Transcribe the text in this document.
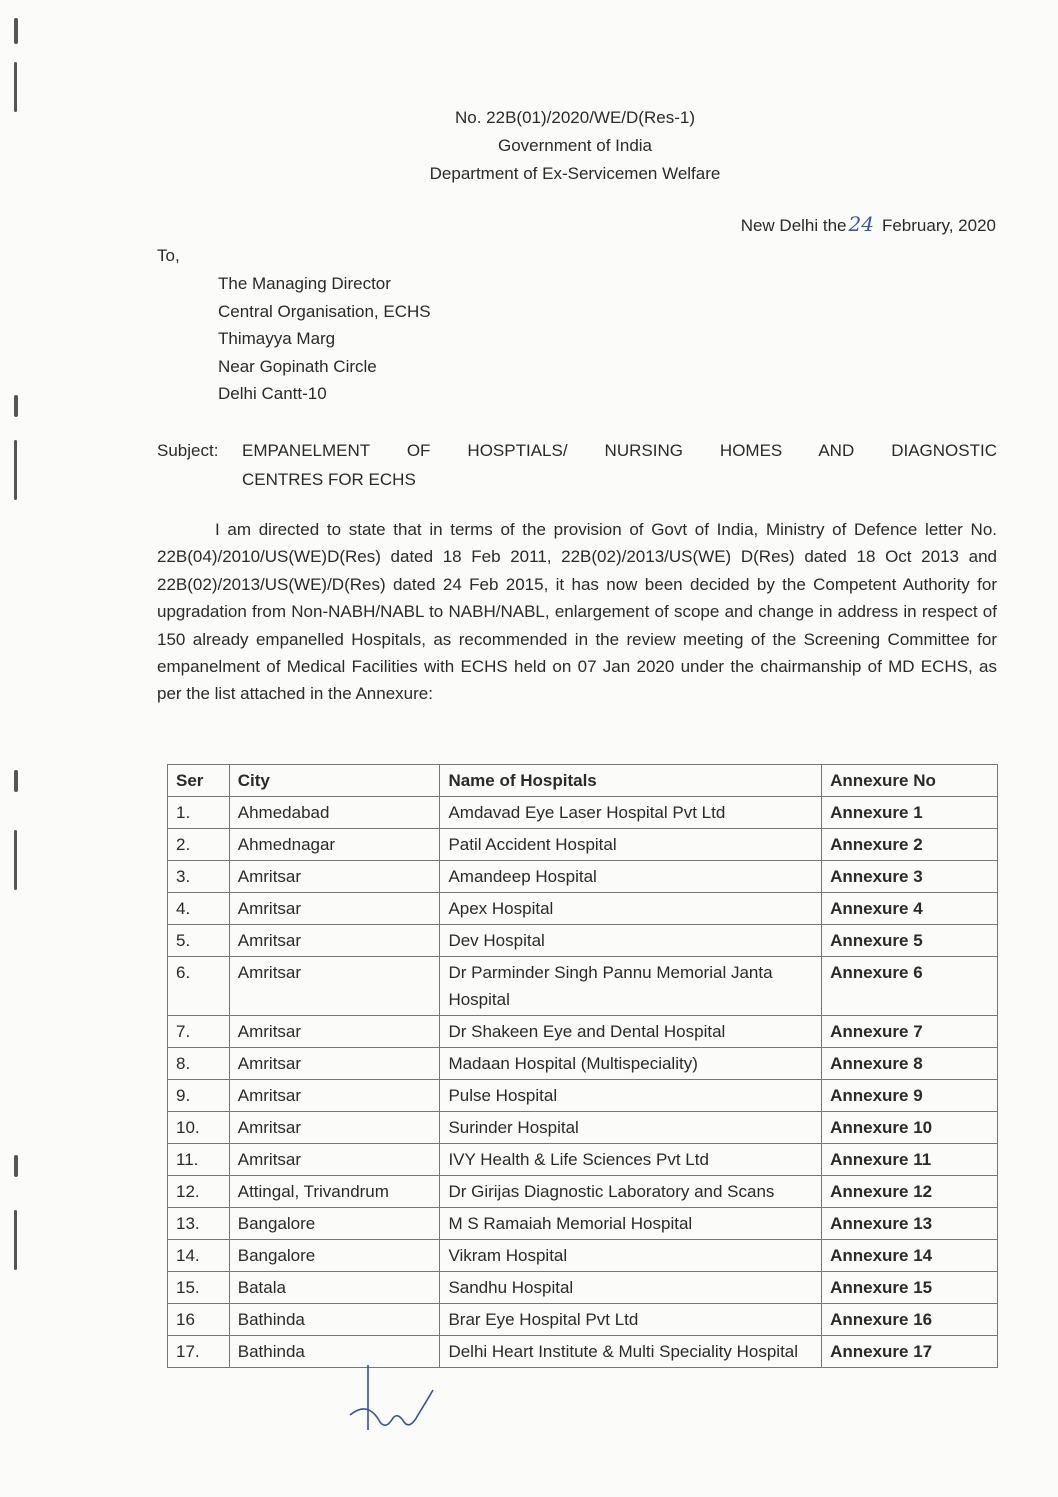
No. 22B(01)/2020/WE/D(Res-1)
Government of India
Department of Ex-Servicemen Welfare
New Delhi the 24 February, 2020
To,
The Managing Director
Central Organisation, ECHS
Thimayya Marg
Near Gopinath Circle
Delhi Cantt-10
Subject: EMPANELMENT OF HOSPTIALS/ NURSING HOMES AND DIAGNOSTIC
CENTRES FOR ECHS
I am directed to state that in terms of the provision of Govt of India, Ministry of Defence letter No. 22B(04)/2010/US(WE)D(Res) dated 18 Feb 2011, 22B(02)/2013/US(WE) D(Res) dated 18 Oct 2013 and 22B(02)/2013/US(WE)/D(Res) dated 24 Feb 2015, it has now been decided by the Competent Authority for upgradation from Non-NABH/NABL to NABH/NABL, enlargement of scope and change in address in respect of 150 already empanelled Hospitals, as recommended in the review meeting of the Screening Committee for empanelment of Medical Facilities with ECHS held on 07 Jan 2020 under the chairmanship of MD ECHS, as per the list attached in the Annexure:
Ser	City	Name of Hospitals	Annexure No
1.	Ahmedabad	Amdavad Eye Laser Hospital Pvt Ltd	Annexure 1
2.	Ahmednagar	Patil Accident Hospital	Annexure 2
3.	Amritsar	Amandeep Hospital	Annexure 3
4.	Amritsar	Apex Hospital	Annexure 4
5.	Amritsar	Dev Hospital	Annexure 5
6.	Amritsar	Dr Parminder Singh Pannu Memorial Janta Hospital	Annexure 6
7.	Amritsar	Dr Shakeen Eye and Dental Hospital	Annexure 7
8.	Amritsar	Madaan Hospital (Multispeciality)	Annexure 8
9.	Amritsar	Pulse Hospital	Annexure 9
10.	Amritsar	Surinder Hospital	Annexure 10
11.	Amritsar	IVY Health & Life Sciences Pvt Ltd	Annexure 11
12.	Attingal, Trivandrum	Dr Girijas Diagnostic Laboratory and Scans	Annexure 12
13.	Bangalore	M S Ramaiah Memorial Hospital	Annexure 13
14.	Bangalore	Vikram Hospital	Annexure 14
15.	Batala	Sandhu Hospital	Annexure 15
16	Bathinda	Brar Eye Hospital Pvt Ltd	Annexure 16
17.	Bathinda	Delhi Heart Institute & Multi Speciality Hospital	Annexure 17
